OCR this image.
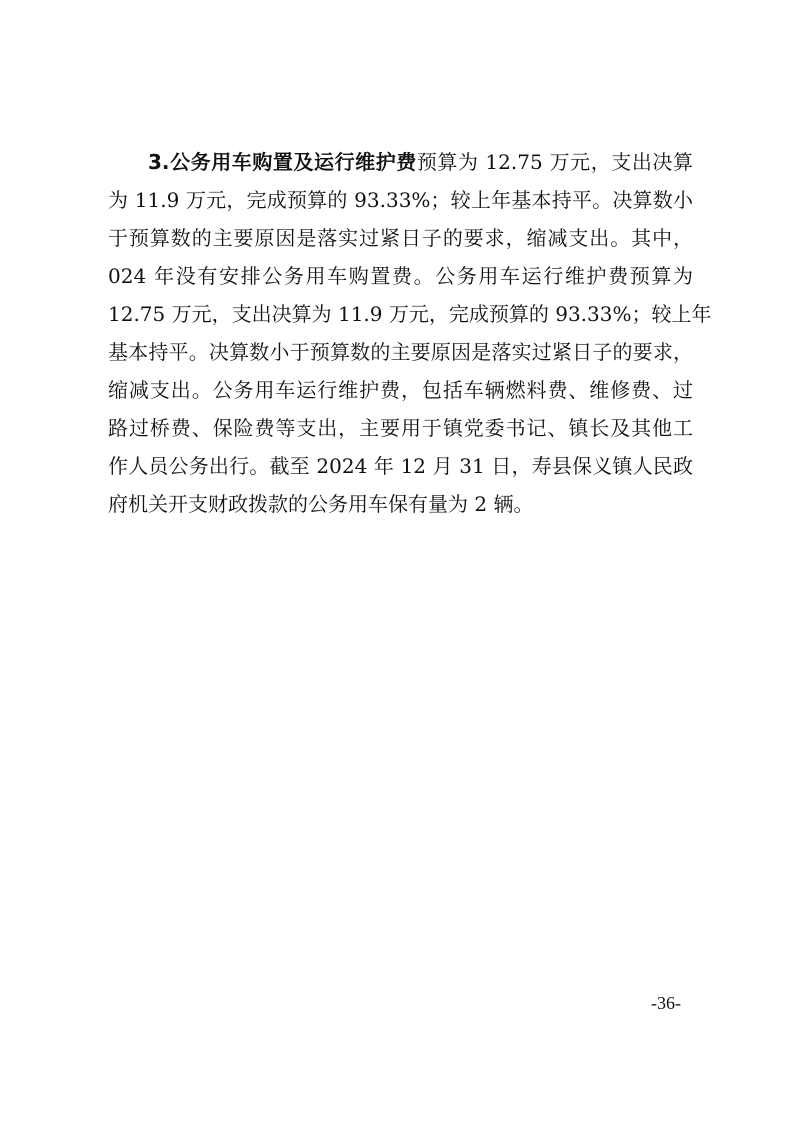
3.公务用车购置及运行维护费预算为 12.75 万元，支出决算
为 11.9 万元，完成预算的 93.33%；较上年基本持平。决算数小
于预算数的主要原因是落实过紧日子的要求，缩减支出。其中，
024 年没有安排公务用车购置费。公务用车运行维护费预算为
12.75 万元，支出决算为 11.9 万元，完成预算的 93.33%；较上年
基本持平。决算数小于预算数的主要原因是落实过紧日子的要求，
缩减支出。公务用车运行维护费，包括车辆燃料费、维修费、过
路过桥费、保险费等支出，主要用于镇党委书记、镇长及其他工
作人员公务出行。截至 2024 年 12 月 31 日，寿县保义镇人民政
府机关开支财政拨款的公务用车保有量为 2 辆。
-36-
